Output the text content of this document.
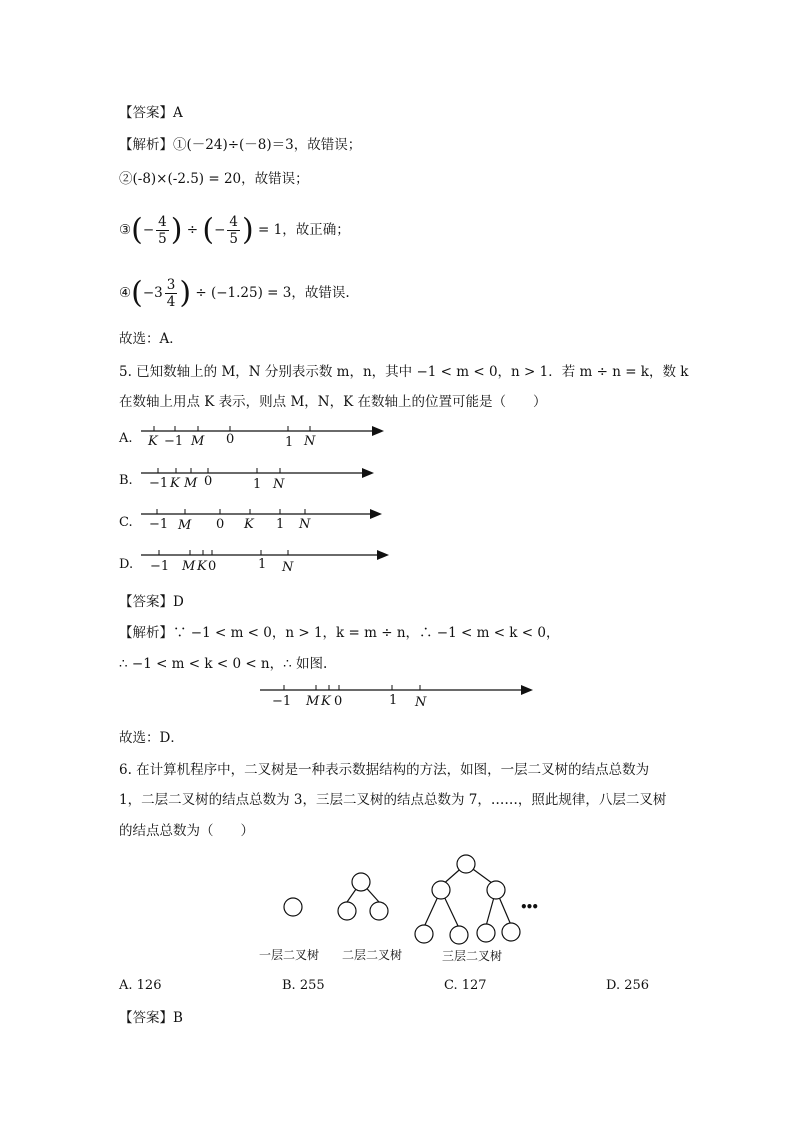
【答案】A
【解析】①(－24)÷(－8)＝3，故错误；
②(-8)×(-2.5) = 20，故错误；
③(− $\frac{4}{5}$ ) ÷ (− $\frac{4}{5}$ ) = 1，故正确；
④(−3 $\frac{3}{4}$ ) ÷ (−1.25) = 3，故错误.
故选：A．
5. 已知数轴上的 M，N 分别表示数 m，n，其中 −1 < m < 0，n > 1．若 m ÷ n = k，数 k
在数轴上用点 K 表示，则点 M，N，K 在数轴上的位置可能是（　　）
A. K −1 M 0	1 N
B. −1 K M 0	1 N
C. −1 M 0 K 1 N
D. −1 M K 0	1 N
【答案】D
【解析】∵ −1 < m < 0，n > 1，k = m ÷ n，∴ −1 < m < k < 0，
∴ −1 < m < k < 0 < n，∴ 如图.
−1 M K 0	1 N
故选：D．
6. 在计算机程序中，二叉树是一种表示数据结构的方法，如图，一层二叉树的结点总数为
1，二层二叉树的结点总数为 3，三层二叉树的结点总数为 7，……，照此规律，八层二叉树
的结点总数为（　　）
一层二叉树 二层二叉树	三层二叉树
•••
A. 126	B. 255	C. 127	D. 256
【答案】B
